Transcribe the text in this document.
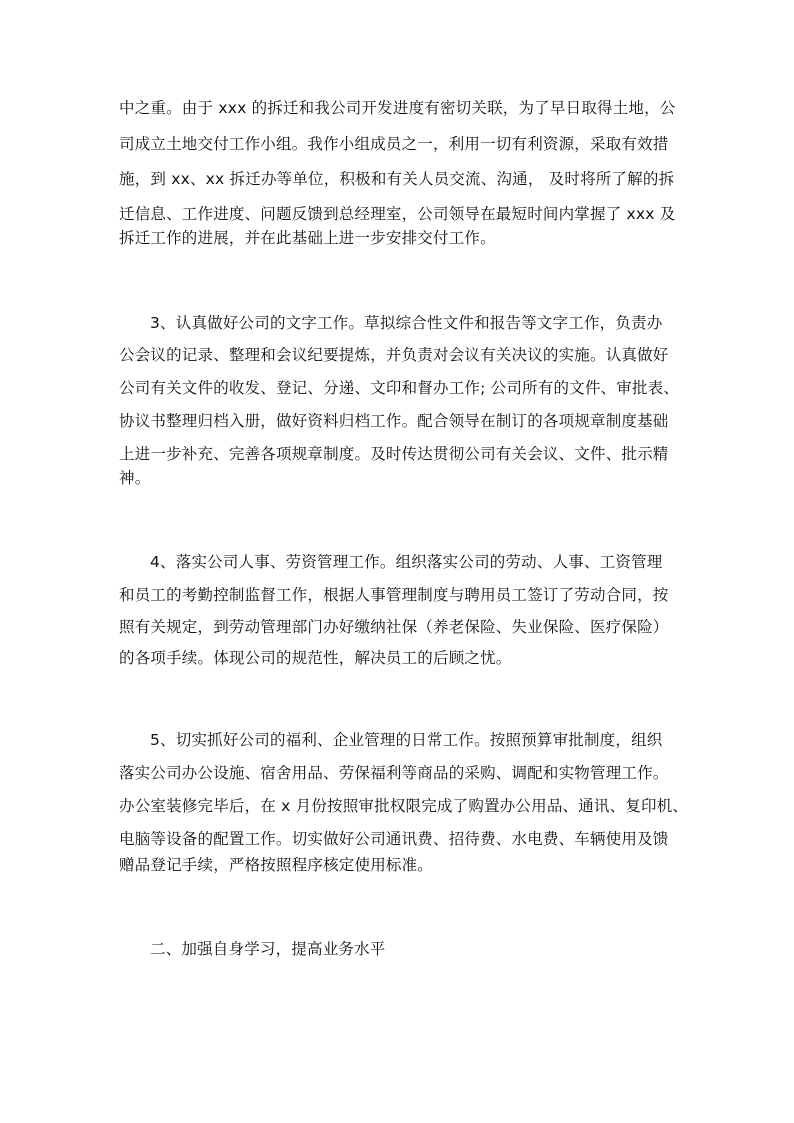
中之重。由于 xxx 的拆迁和我公司开发进度有密切关联，为了早日取得土地，公

司成立土地交付工作小组。我作小组成员之一，利用一切有利资源，采取有效措

施，到 xx、xx 拆迁办等单位，积极和有关人员交流、沟通， 及时将所了解的拆

迁信息、工作进度、问题反馈到总经理室，公司领导在最短时间内掌握了 xxx 及

拆迁工作的进展，并在此基础上进一步安排交付工作。

3、认真做好公司的文字工作。草拟综合性文件和报告等文字工作，负责办

公会议的记录、整理和会议纪要提炼，并负责对会议有关决议的实施。认真做好

公司有关文件的收发、登记、分递、文印和督办工作; 公司所有的文件、审批表、

协议书整理归档入册，做好资料归档工作。配合领导在制订的各项规章制度基础

上进一步补充、完善各项规章制度。及时传达贯彻公司有关会议、文件、批示精

神。

4、落实公司人事、劳资管理工作。组织落实公司的劳动、人事、工资管理

和员工的考勤控制监督工作，根据人事管理制度与聘用员工签订了劳动合同，按

照有关规定，到劳动管理部门办好缴纳社保（养老保险、失业保险、医疗保险）

的各项手续。体现公司的规范性，解决员工的后顾之忧。

5、切实抓好公司的福利、企业管理的日常工作。按照预算审批制度，组织

落实公司办公设施、宿舍用品、劳保福利等商品的采购、调配和实物管理工作。

办公室装修完毕后，在 x 月份按照审批权限完成了购置办公用品、通讯、复印机、

电脑等设备的配置工作。切实做好公司通讯费、招待费、水电费、车辆使用及馈

赠品登记手续，严格按照程序核定使用标准。

二、加强自身学习，提高业务水平
